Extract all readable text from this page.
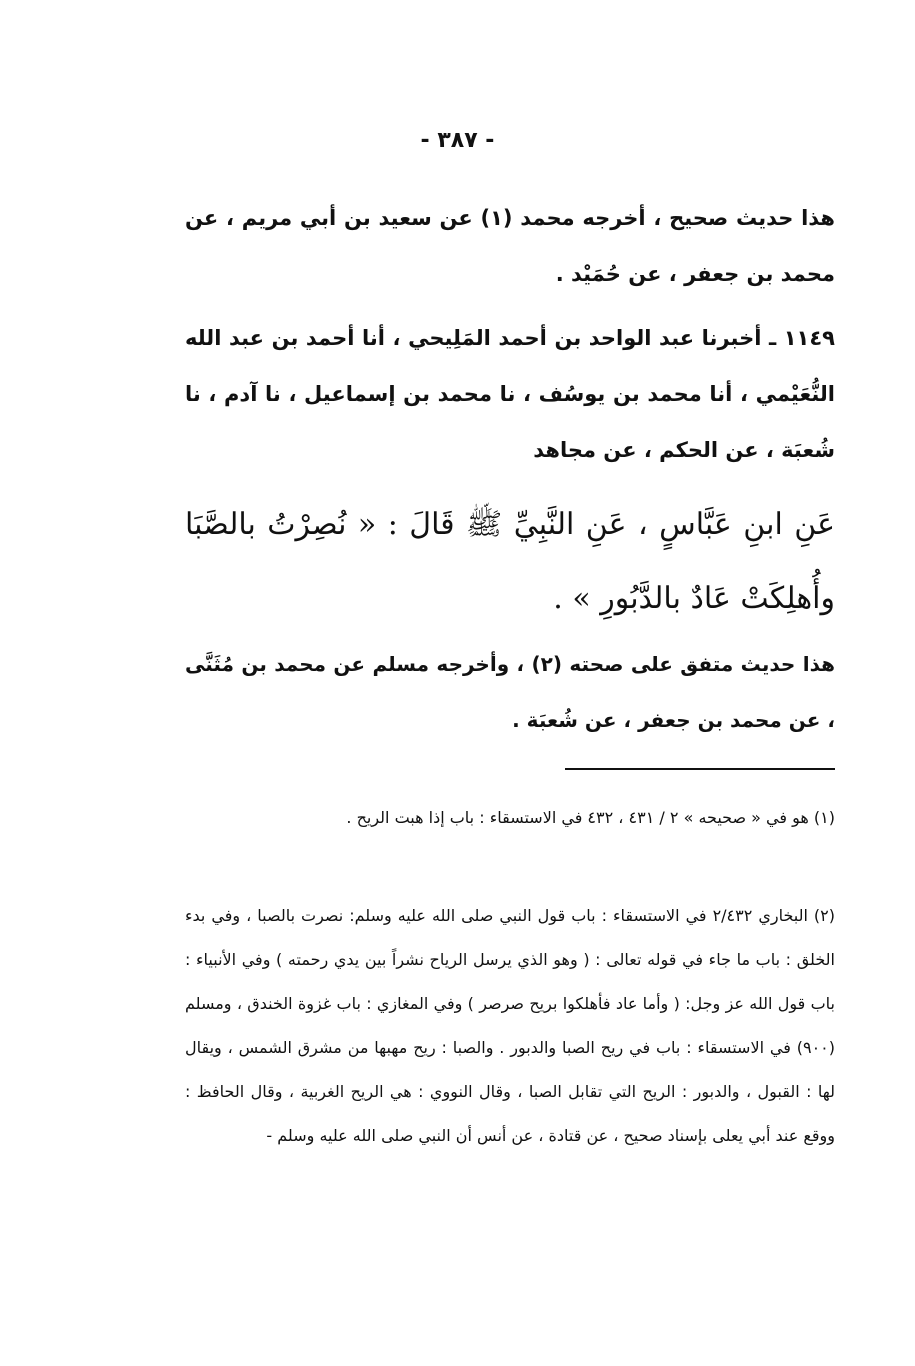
- ٣٨٧ -

هذا حديث صحيح ، أخرجه محمد (١) عن سعيد بن أبي مريم ، عن محمد بن جعفر ، عن حُمَيْد .

١١٤٩ ـ أخبرنا عبد الواحد بن أحمد المَلِيحي ، أنا أحمد بن عبد الله النُّعَيْمي ، أنا محمد بن يوسُف ، نا محمد بن إسماعيل ، نا آدم ، نا شُعبَة ، عن الحكم ، عن مجاهد

عَنِ ابنِ عَبَّاسٍ ، عَنِ النَّبِيِّ ﷺ قَالَ : « نُصِرْتُ بالصَّبَا وأُهلِكَتْ عَادٌ بالدَّبُورِ » .

هذا حديث متفق على صحته (٢) ، وأخرجه مسلم عن محمد بن مُثَنَّى ، عن محمد بن جعفر ، عن شُعبَة .

(١) هو في « صحيحه » ٢ / ٤٣١ ، ٤٣٢ في الاستسقاء : باب إذا هبت الريح .

(٢) البخاري ٢/٤٣٢ في الاستسقاء : باب قول النبي صلى الله عليه وسلم: نصرت بالصبا ، وفي بدء الخلق : باب ما جاء في قوله تعالى : ( وهو الذي يرسل الرياح نشراً بين يدي رحمته ) وفي الأنبياء : باب قول الله عز وجل: ( وأما عاد فأهلكوا بريح صرصر ) وفي المغازي : باب غزوة الخندق ، ومسلم (٩٠٠) في الاستسقاء : باب في ريح الصبا والدبور . والصبا : ريح مهبها من مشرق الشمس ، ويقال لها : القبول ، والدبور : الريح التي تقابل الصبا ، وقال النووي : هي الريح الغربية ، وقال الحافظ : ووقع عند أبي يعلى بإسناد صحيح ، عن قتادة ، عن أنس أن النبي صلى الله عليه وسلم -
